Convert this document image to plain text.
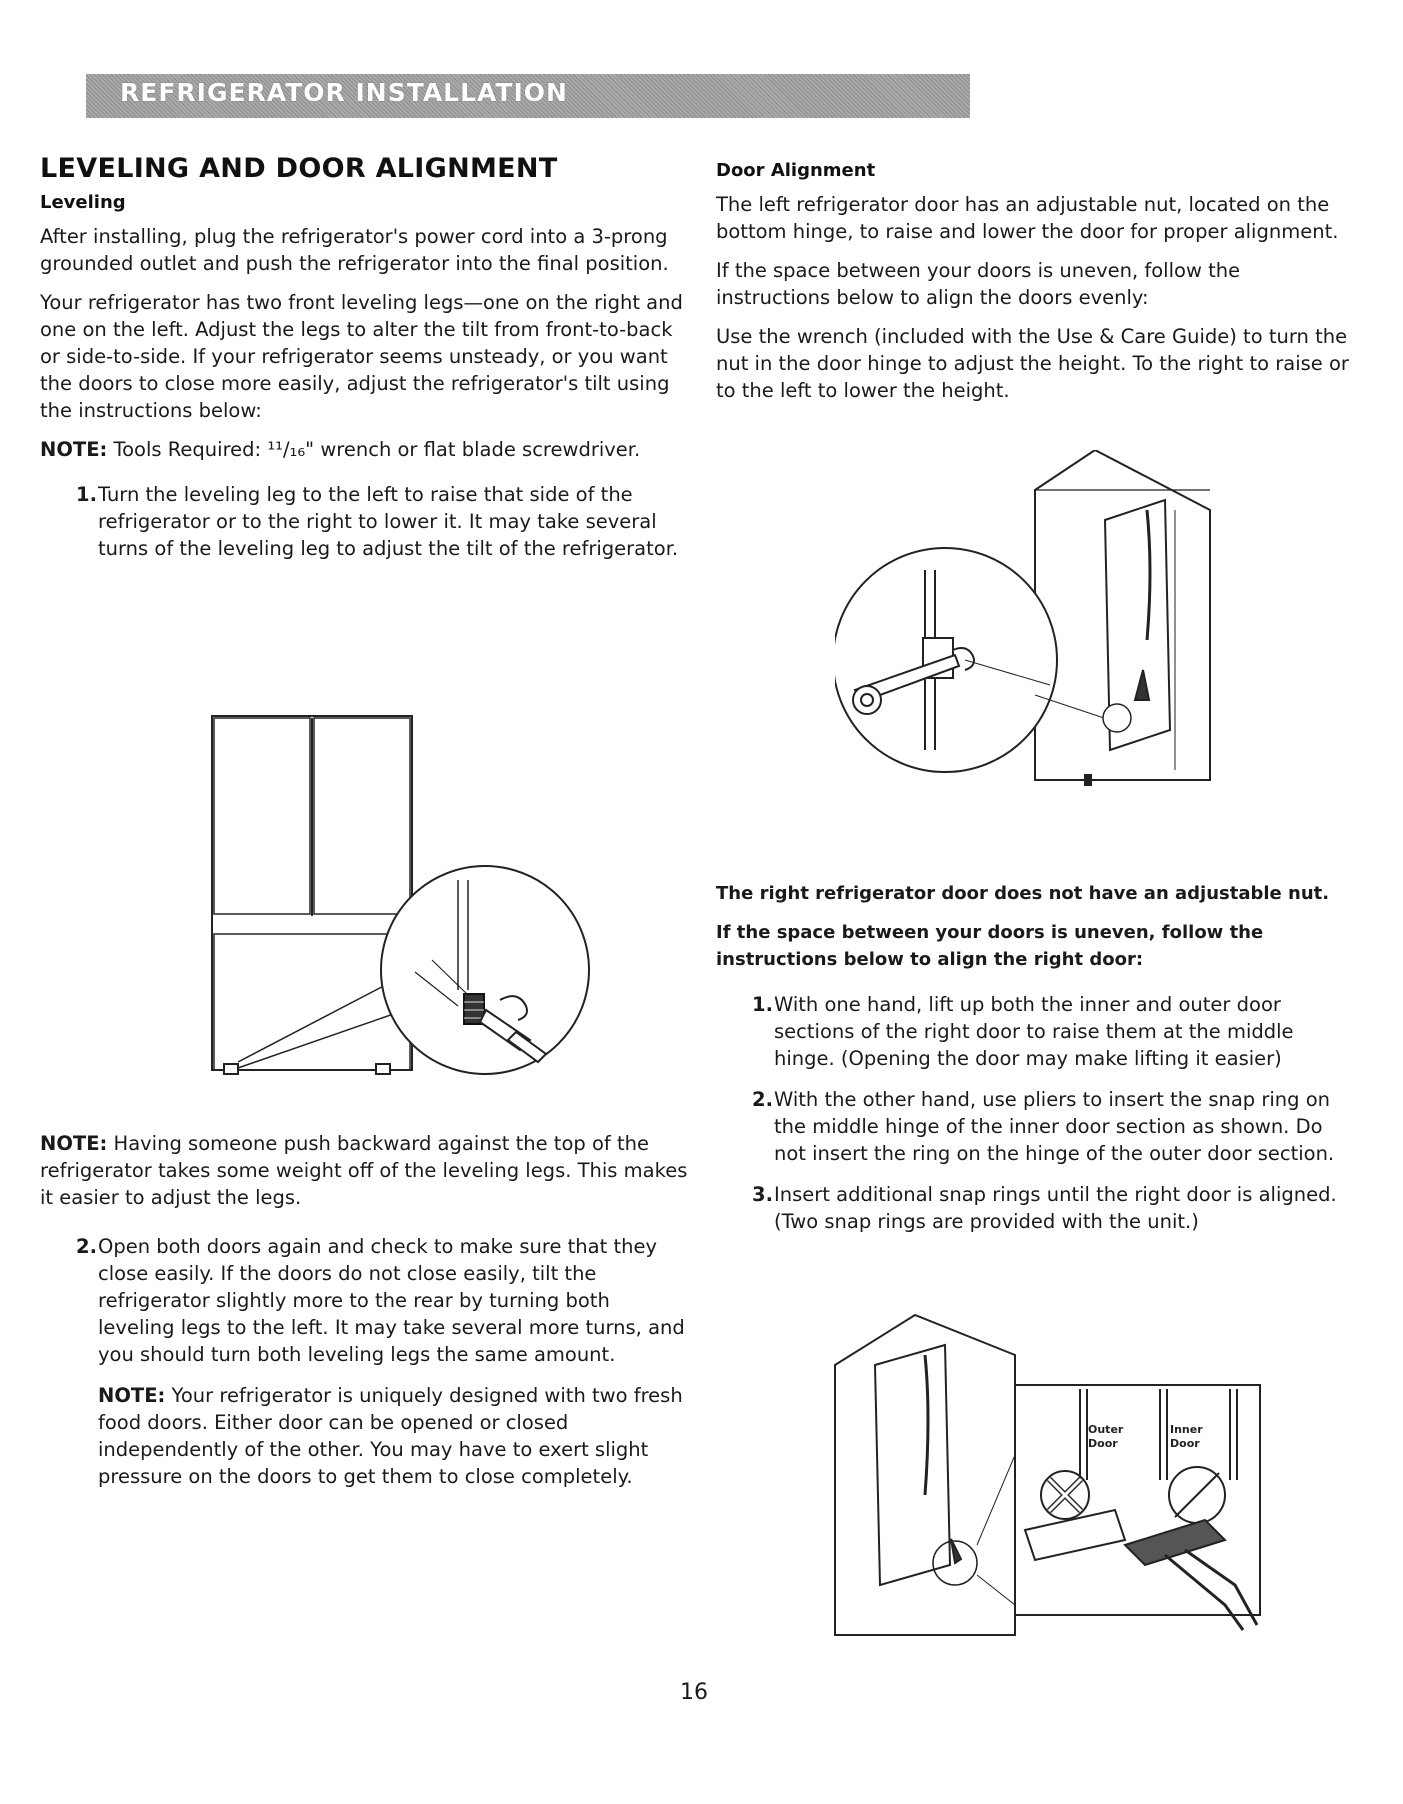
REFRIGERATOR INSTALLATION
LEVELING AND DOOR ALIGNMENT
Leveling

After installing, plug the refrigerator's power cord into a 3-prong grounded outlet and push the refrigerator into the final position.

Your refrigerator has two front leveling legs—one on the right and one on the left. Adjust the legs to alter the tilt from front-to-back or side-to-side. If your refrigerator seems unsteady, or you want the doors to close more easily, adjust the refrigerator's tilt using the instructions below:

NOTE: Tools Required: ¹¹/₁₆" wrench or flat blade screwdriver.

1. Turn the leveling leg to the left to raise that side of the refrigerator or to the right to lower it. It may take several turns of the leveling leg to adjust the tilt of the refrigerator.

NOTE: Having someone push backward against the top of the refrigerator takes some weight off of the leveling legs. This makes it easier to adjust the legs.

2. Open both doors again and check to make sure that they close easily. If the doors do not close easily, tilt the refrigerator slightly more to the rear by turning both leveling legs to the left. It may take several more turns, and you should turn both leveling legs the same amount.

NOTE: Your refrigerator is uniquely designed with two fresh food doors. Either door can be opened or closed independently of the other. You may have to exert slight pressure on the doors to get them to close completely.

Door Alignment

The left refrigerator door has an adjustable nut, located on the bottom hinge, to raise and lower the door for proper alignment.

If the space between your doors is uneven, follow the instructions below to align the doors evenly:

Use the wrench (included with the Use & Care Guide) to turn the nut in the door hinge to adjust the height. To the right to raise or to the left to lower the height.

The right refrigerator door does not have an adjustable nut.

If the space between your doors is uneven, follow the instructions below to align the right door:

1. With one hand, lift up both the inner and outer door sections of the right door to raise them at the middle hinge. (Opening the door may make lifting it easier)
2. With the other hand, use pliers to insert the snap ring on the middle hinge of the inner door section as shown. Do not insert the ring on the hinge of the outer door section.
3. Insert additional snap rings until the right door is aligned. (Two snap rings are provided with the unit.)
Outer
Door
Inner
Door
16
